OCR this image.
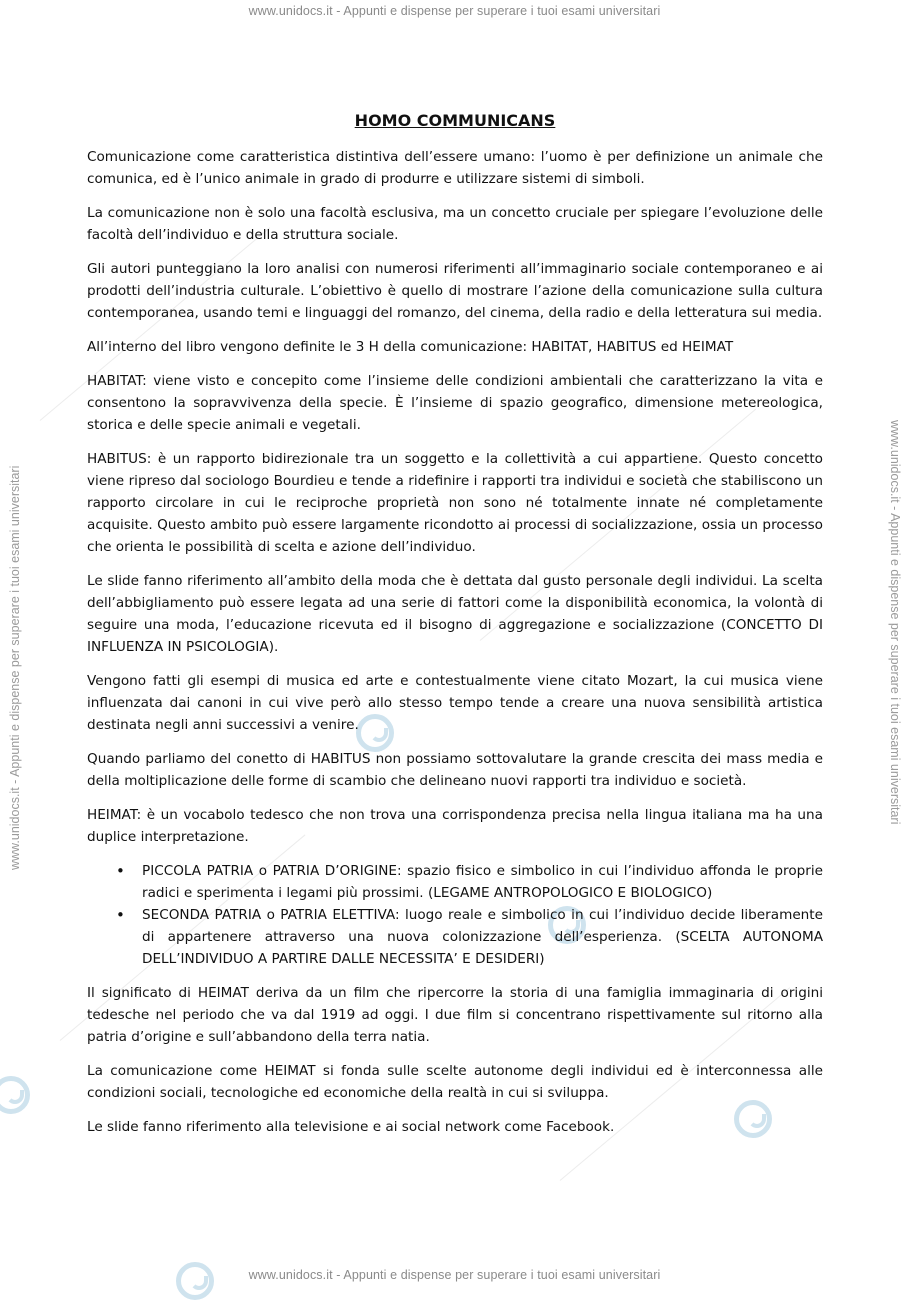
www.unidocs.it - Appunti e dispense per superare i tuoi esami universitari
www.unidocs.it - Appunti e dispense per superare i tuoi esami universitari
www.unidocs.it - Appunti e dispense per superare i tuoi esami universitari	www.unidocs.it - Appunti e dispense per superare i tuoi esami universitari
HOMO COMMUNICANS

Comunicazione come caratteristica distintiva dell’essere umano: l’uomo è per definizione un animale che comunica, ed è l’unico animale in grado di produrre e utilizzare sistemi di simboli.

La comunicazione non è solo una facoltà esclusiva, ma un concetto cruciale per spiegare l’evoluzione delle facoltà dell’individuo e della struttura sociale.

Gli autori punteggiano la loro analisi con numerosi riferimenti all’immaginario sociale contemporaneo e ai prodotti dell’industria culturale. L’obiettivo è quello di mostrare l’azione della comunicazione sulla cultura contemporanea, usando temi e linguaggi del romanzo, del cinema, della radio e della letteratura sui media.

All’interno del libro vengono definite le 3 H della comunicazione: HABITAT, HABITUS ed HEIMAT

HABITAT: viene visto e concepito come l’insieme delle condizioni ambientali che caratterizzano la vita e consentono la sopravvivenza della specie. È l’insieme di spazio geografico, dimensione metereologica, storica e delle specie animali e vegetali.

HABITUS: è un rapporto bidirezionale tra un soggetto e la collettività a cui appartiene. Questo concetto viene ripreso dal sociologo Bourdieu e tende a ridefinire i rapporti tra individui e società che stabiliscono un rapporto circolare in cui le reciproche proprietà non sono né totalmente innate né completamente acquisite. Questo ambito può essere largamente ricondotto ai processi di socializzazione, ossia un processo che orienta le possibilità di scelta e azione dell’individuo.

Le slide fanno riferimento all’ambito della moda che è dettata dal gusto personale degli individui. La scelta dell’abbigliamento può essere legata ad una serie di fattori come la disponibilità economica, la volontà di seguire una moda, l’educazione ricevuta ed il bisogno di aggregazione e socializzazione (CONCETTO DI INFLUENZA IN PSICOLOGIA).

Vengono fatti gli esempi di musica ed arte e contestualmente viene citato Mozart, la cui musica viene influenzata dai canoni in cui vive però allo stesso tempo tende a creare una nuova sensibilità artistica destinata negli anni successivi a venire.

Quando parliamo del conetto di HABITUS non possiamo sottovalutare la grande crescita dei mass media e della moltiplicazione delle forme di scambio che delineano nuovi rapporti tra individuo e società.

HEIMAT: è un vocabolo tedesco che non trova una corrispondenza precisa nella lingua italiana ma ha una duplice interpretazione.

• PICCOLA PATRIA o PATRIA D’ORIGINE: spazio fisico e simbolico in cui l’individuo affonda le proprie radici e sperimenta i legami più prossimi. (LEGAME ANTROPOLOGICO E BIOLOGICO)
• SECONDA PATRIA o PATRIA ELETTIVA: luogo reale e simbolico in cui l’individuo decide liberamente di appartenere attraverso una nuova colonizzazione dell’esperienza. (SCELTA AUTONOMA DELL’INDIVIDUO A PARTIRE DALLE NECESSITA’ E DESIDERI)

Il significato di HEIMAT deriva da un film che ripercorre la storia di una famiglia immaginaria di origini tedesche nel periodo che va dal 1919 ad oggi. I due film si concentrano rispettivamente sul ritorno alla patria d’origine e sull’abbandono della terra natia.

La comunicazione come HEIMAT si fonda sulle scelte autonome degli individui ed è interconnessa alle condizioni sociali, tecnologiche ed economiche della realtà in cui si sviluppa.

Le slide fanno riferimento alla televisione e ai social network come Facebook.
